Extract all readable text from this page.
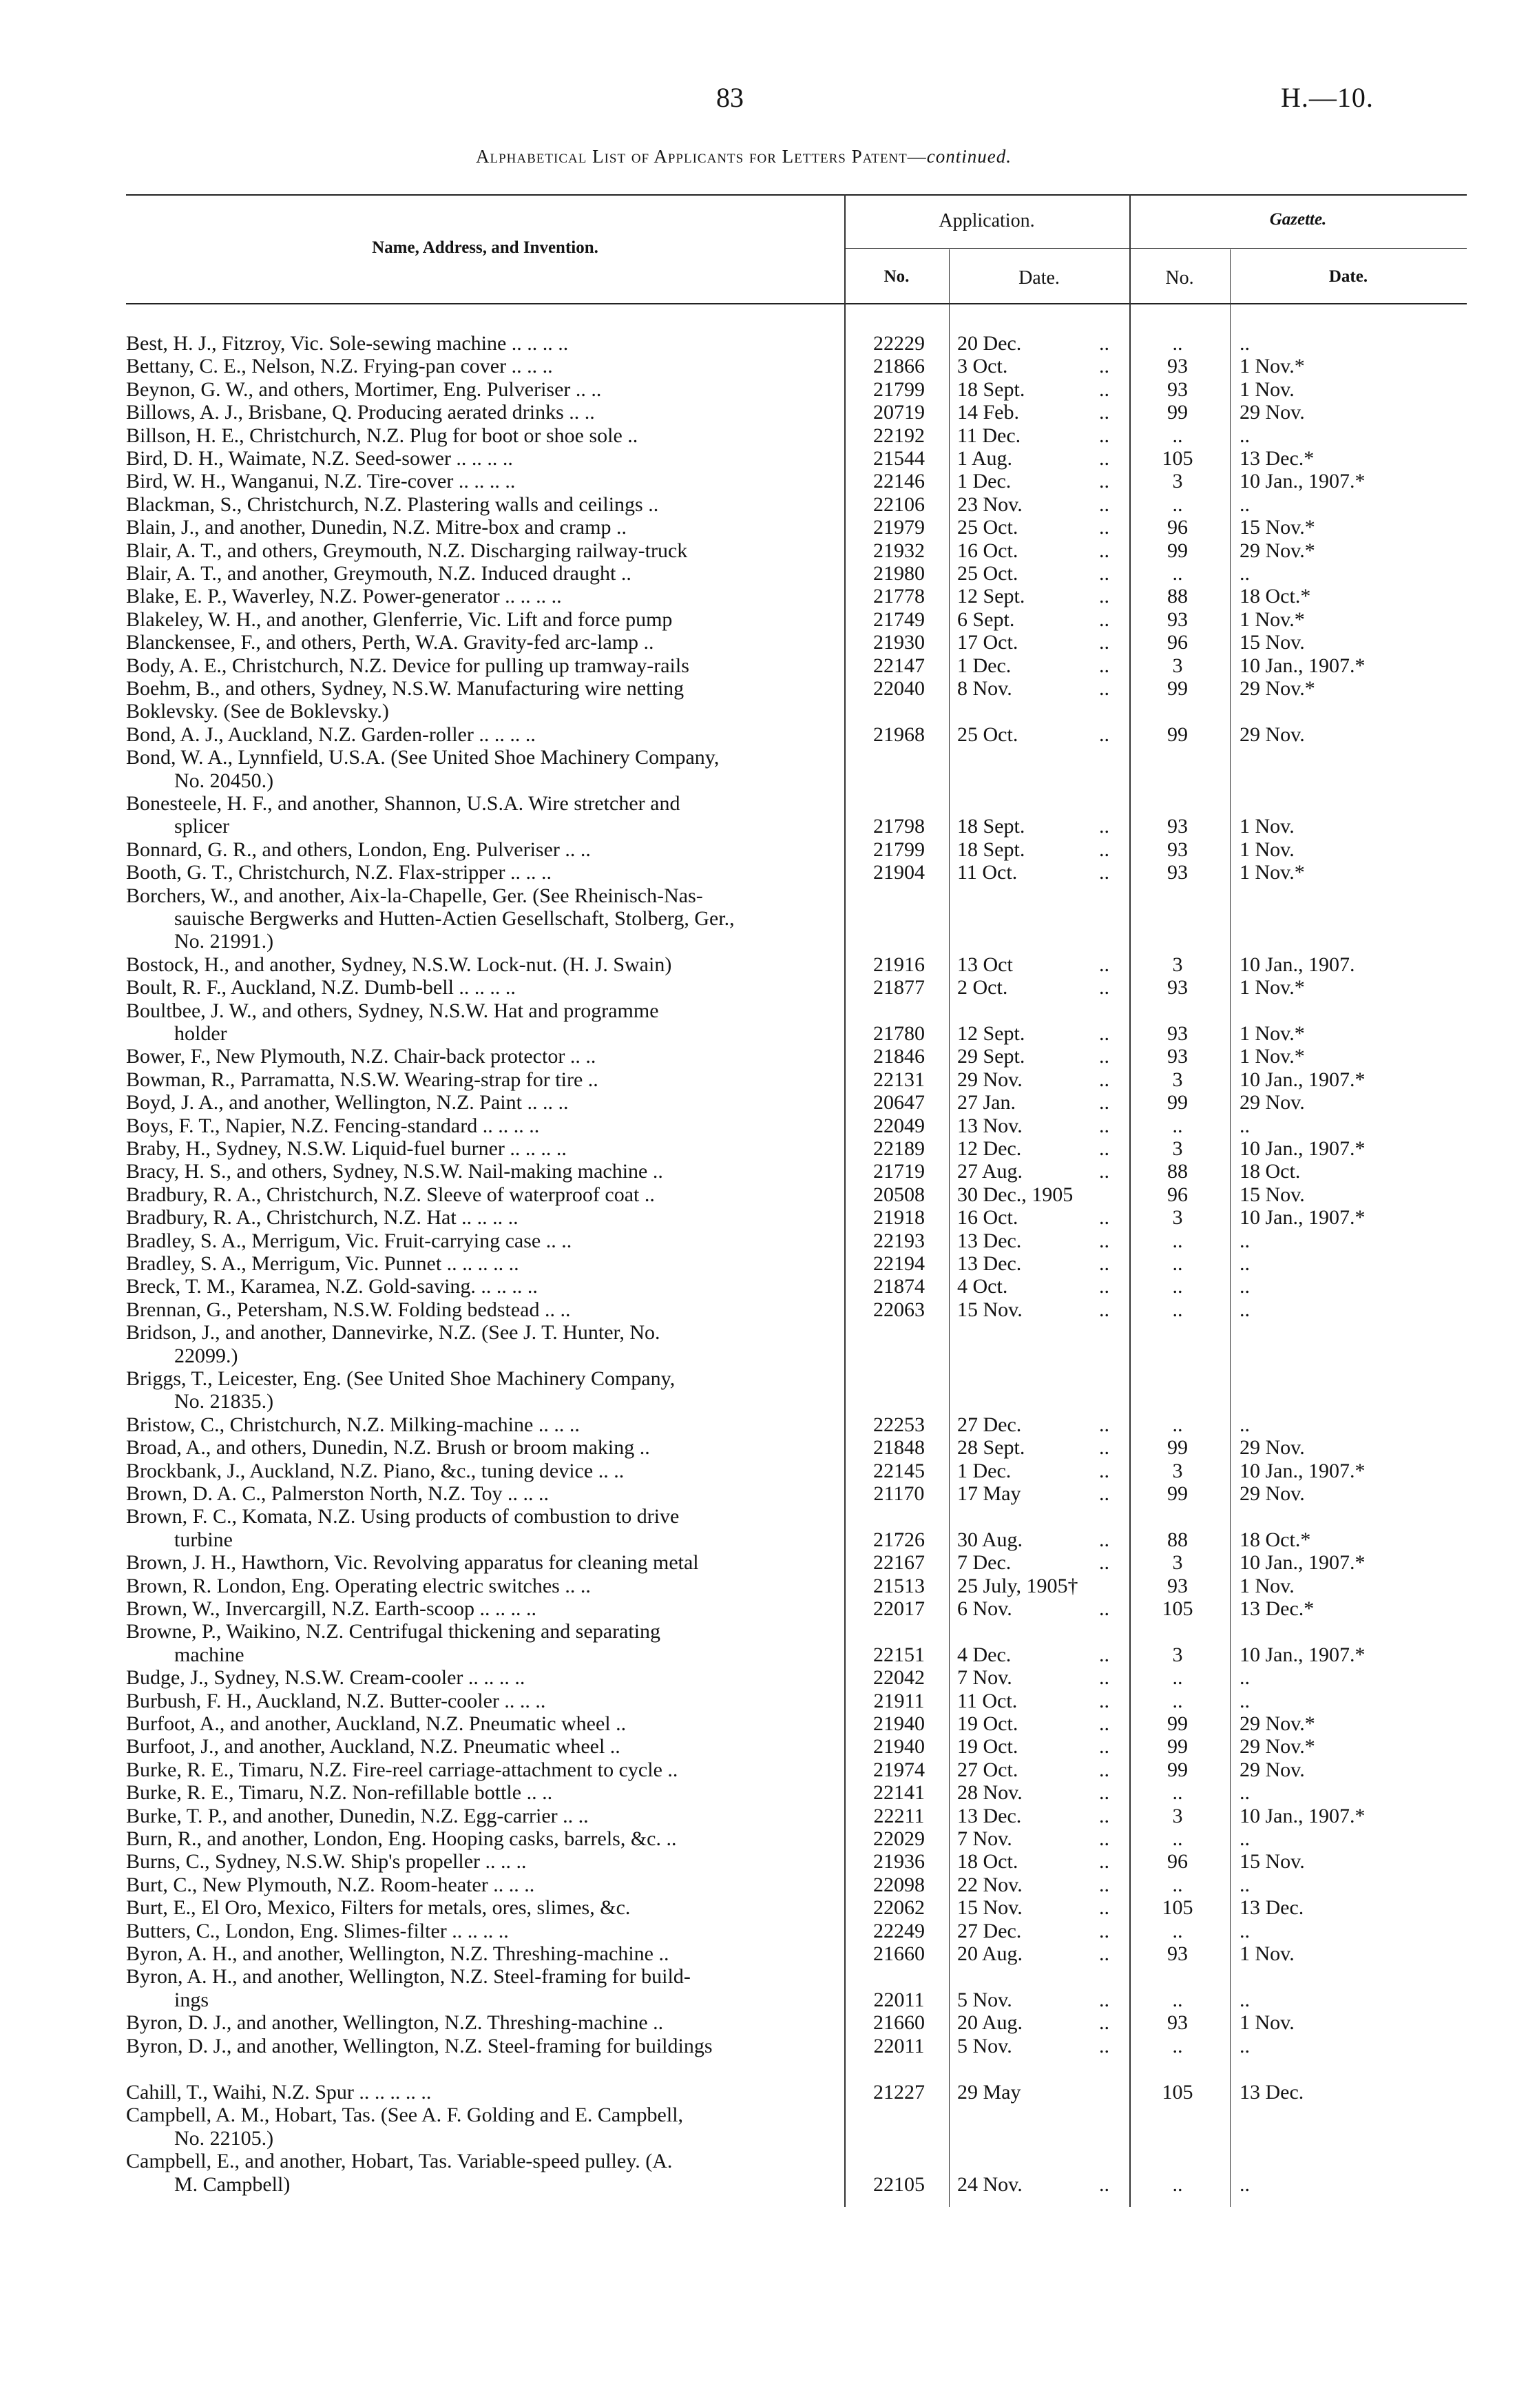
83	H.—10.
Alphabetical List of Applicants for Letters Patent—continued.
Name, Address, and Invention.
Application.	Gazette.
No.	Date.	No.	Date.
Best, H. J., Fitzroy, Vic. Sole-sewing machine .. .. .. ..	22229	20 Dec.	..	..	..
Bettany, C. E., Nelson, N.Z. Frying-pan cover .. .. ..	21866	3 Oct.	..	93	1 Nov.*
Beynon, G. W., and others, Mortimer, Eng. Pulveriser .. ..	21799	18 Sept.	..	93	1 Nov.
Billows, A. J., Brisbane, Q. Producing aerated drinks .. ..	20719	14 Feb.	..	99	29 Nov.
Billson, H. E., Christchurch, N.Z. Plug for boot or shoe sole ..	22192	11 Dec.	..	..	..
Bird, D. H., Waimate, N.Z. Seed-sower .. .. .. ..	21544	1 Aug.	..	105	13 Dec.*
Bird, W. H., Wanganui, N.Z. Tire-cover .. .. .. ..	22146	1 Dec.	..	3	10 Jan., 1907.*
Blackman, S., Christchurch, N.Z. Plastering walls and ceilings ..	22106	23 Nov.	..	..	..
Blain, J., and another, Dunedin, N.Z. Mitre-box and cramp ..	21979	25 Oct.	..	96	15 Nov.*
Blair, A. T., and others, Greymouth, N.Z. Discharging railway-truck	21932	16 Oct.	..	99	29 Nov.*
Blair, A. T., and another, Greymouth, N.Z. Induced draught ..	21980	25 Oct.	..	..	..
Blake, E. P., Waverley, N.Z. Power-generator .. .. .. ..	21778	12 Sept.	..	88	18 Oct.*
Blakeley, W. H., and another, Glenferrie, Vic. Lift and force pump	21749	6 Sept.	..	93	1 Nov.*
Blanckensee, F., and others, Perth, W.A. Gravity-fed arc-lamp ..	21930	17 Oct.	..	96	15 Nov.
Body, A. E., Christchurch, N.Z. Device for pulling up tramway-rails	22147	1 Dec.	..	3	10 Jan., 1907.*
Boehm, B., and others, Sydney, N.S.W. Manufacturing wire netting	22040	8 Nov.	..	99	29 Nov.*
Boklevsky. (See de Boklevsky.)
Bond, A. J., Auckland, N.Z. Garden-roller .. .. .. ..	21968	25 Oct.	..	99	29 Nov.
Bond, W. A., Lynnfield, U.S.A. (See United Shoe Machinery Company,
No. 20450.)
Bonesteele, H. F., and another, Shannon, U.S.A. Wire stretcher and
splicer	21798	18 Sept.	..	93	1 Nov.
Bonnard, G. R., and others, London, Eng. Pulveriser .. ..	21799	18 Sept.	..	93	1 Nov.
Booth, G. T., Christchurch, N.Z. Flax-stripper .. .. ..	21904	11 Oct.	..	93	1 Nov.*
Borchers, W., and another, Aix-la-Chapelle, Ger. (See Rheinisch-Nas-
sauische Bergwerks and Hutten-Actien Gesellschaft, Stolberg, Ger.,
No. 21991.)
Bostock, H., and another, Sydney, N.S.W. Lock-nut. (H. J. Swain)	21916	13 Oct	..	3	10 Jan., 1907.
Boult, R. F., Auckland, N.Z. Dumb-bell .. .. .. ..	21877	2 Oct.	..	93	1 Nov.*
Boultbee, J. W., and others, Sydney, N.S.W. Hat and programme
holder	21780	12 Sept.	..	93	1 Nov.*
Bower, F., New Plymouth, N.Z. Chair-back protector .. ..	21846	29 Sept.	..	93	1 Nov.*
Bowman, R., Parramatta, N.S.W. Wearing-strap for tire ..	22131	29 Nov.	..	3	10 Jan., 1907.*
Boyd, J. A., and another, Wellington, N.Z. Paint .. .. ..	20647	27 Jan.	..	99	29 Nov.
Boys, F. T., Napier, N.Z. Fencing-standard .. .. .. ..	22049	13 Nov.	..	..	..
Braby, H., Sydney, N.S.W. Liquid-fuel burner .. .. .. ..	22189	12 Dec.	..	3	10 Jan., 1907.*
Bracy, H. S., and others, Sydney, N.S.W. Nail-making machine ..	21719	27 Aug.	..	88	18 Oct.
Bradbury, R. A., Christchurch, N.Z. Sleeve of waterproof coat ..	20508	30 Dec., 1905	96	15 Nov.
Bradbury, R. A., Christchurch, N.Z. Hat .. .. .. ..	21918	16 Oct.	..	3	10 Jan., 1907.*
Bradley, S. A., Merrigum, Vic. Fruit-carrying case .. ..	22193	13 Dec.	..	..	..
Bradley, S. A., Merrigum, Vic. Punnet .. .. .. .. ..	22194	13 Dec.	..	..	..
Breck, T. M., Karamea, N.Z. Gold-saving. .. .. .. ..	21874	4 Oct.	..	..	..
Brennan, G., Petersham, N.S.W. Folding bedstead .. ..	22063	15 Nov.	..	..	..
Bridson, J., and another, Dannevirke, N.Z. (See J. T. Hunter, No.
22099.)
Briggs, T., Leicester, Eng. (See United Shoe Machinery Company,
No. 21835.)
Bristow, C., Christchurch, N.Z. Milking-machine .. .. ..	22253	27 Dec.	..	..	..
Broad, A., and others, Dunedin, N.Z. Brush or broom making ..	21848	28 Sept.	..	99	29 Nov.
Brockbank, J., Auckland, N.Z. Piano, &c., tuning device .. ..	22145	1 Dec.	..	3	10 Jan., 1907.*
Brown, D. A. C., Palmerston North, N.Z. Toy .. .. ..	21170	17 May	..	99	29 Nov.
Brown, F. C., Komata, N.Z. Using products of combustion to drive
turbine	21726	30 Aug.	..	88	18 Oct.*
Brown, J. H., Hawthorn, Vic. Revolving apparatus for cleaning metal	22167	7 Dec.	..	3	10 Jan., 1907.*
Brown, R. London, Eng. Operating electric switches .. ..	21513	25 July, 1905†	93	1 Nov.
Brown, W., Invercargill, N.Z. Earth-scoop .. .. .. ..	22017	6 Nov.	..	105	13 Dec.*
Browne, P., Waikino, N.Z. Centrifugal thickening and separating
machine	22151	4 Dec.	..	3	10 Jan., 1907.*
Budge, J., Sydney, N.S.W. Cream-cooler .. .. .. ..	22042	7 Nov.	..	..	..
Burbush, F. H., Auckland, N.Z. Butter-cooler .. .. ..	21911	11 Oct.	..	..	..
Burfoot, A., and another, Auckland, N.Z. Pneumatic wheel ..	21940	19 Oct.	..	99	29 Nov.*
Burfoot, J., and another, Auckland, N.Z. Pneumatic wheel ..	21940	19 Oct.	..	99	29 Nov.*
Burke, R. E., Timaru, N.Z. Fire-reel carriage-attachment to cycle ..	21974	27 Oct.	..	99	29 Nov.
Burke, R. E., Timaru, N.Z. Non-refillable bottle .. ..	22141	28 Nov.	..	..	..
Burke, T. P., and another, Dunedin, N.Z. Egg-carrier .. ..	22211	13 Dec.	..	3	10 Jan., 1907.*
Burn, R., and another, London, Eng. Hooping casks, barrels, &c. ..	22029	7 Nov.	..	..	..
Burns, C., Sydney, N.S.W. Ship's propeller .. .. ..	21936	18 Oct.	..	96	15 Nov.
Burt, C., New Plymouth, N.Z. Room-heater .. .. ..	22098	22 Nov.	..	..	..
Burt, E., El Oro, Mexico, Filters for metals, ores, slimes, &c.	22062	15 Nov.	..	105	13 Dec.
Butters, C., London, Eng. Slimes-filter .. .. .. ..	22249	27 Dec.	..	..	..
Byron, A. H., and another, Wellington, N.Z. Threshing-machine ..	21660	20 Aug.	..	93	1 Nov.
Byron, A. H., and another, Wellington, N.Z. Steel-framing for build-
ings	22011	5 Nov.	..	..	..
Byron, D. J., and another, Wellington, N.Z. Threshing-machine ..	21660	20 Aug.	..	93	1 Nov.
Byron, D. J., and another, Wellington, N.Z. Steel-framing for buildings	22011	5 Nov.	..	..	..
Cahill, T., Waihi, N.Z. Spur .. .. .. .. ..	21227	29 May	105	13 Dec.
Campbell, A. M., Hobart, Tas. (See A. F. Golding and E. Campbell,
No. 22105.)
Campbell, E., and another, Hobart, Tas. Variable-speed pulley. (A.
M. Campbell)	22105	24 Nov.	..	..	..
